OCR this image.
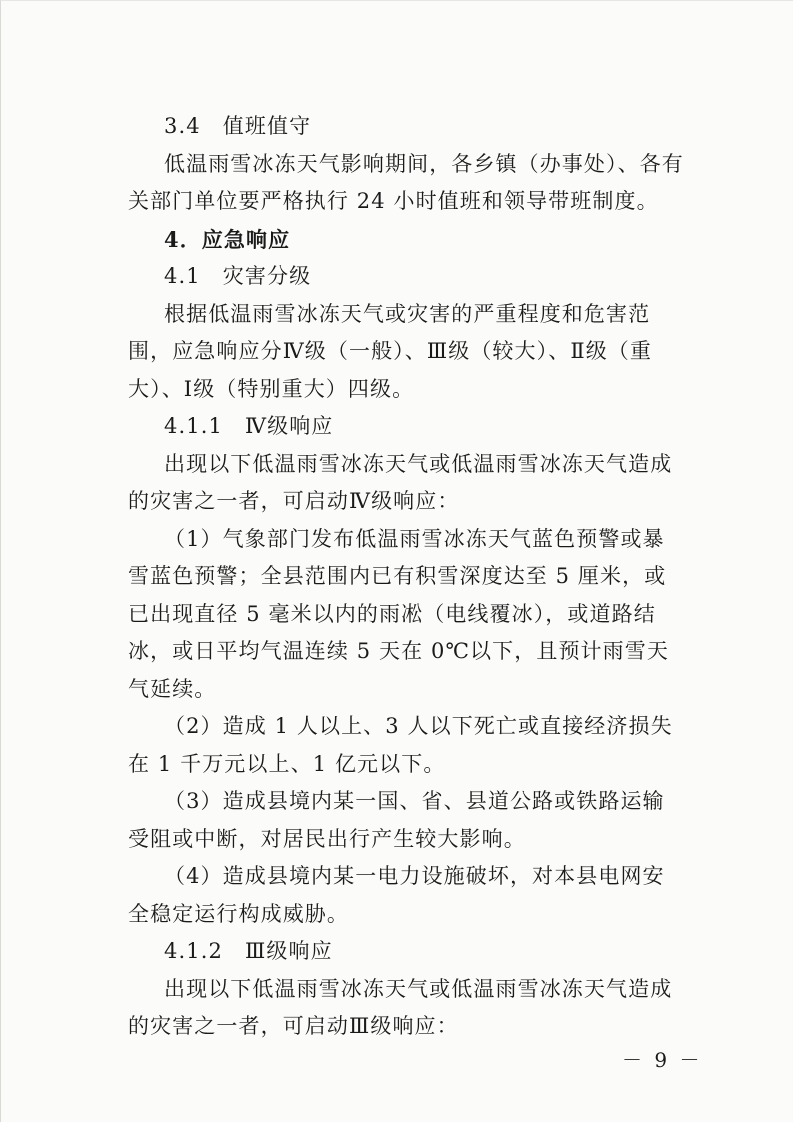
3.4　值班值守

低温雨雪冰冻天气影响期间，各乡镇（办事处）、各有关部门单位要严格执行 24 小时值班和领导带班制度。

4．应急响应

4.1　灾害分级

根据低温雨雪冰冻天气或灾害的严重程度和危害范围，应急响应分Ⅳ级（一般）、Ⅲ级（较大）、Ⅱ级（重大）、Ⅰ级（特别重大）四级。

4.1.1　Ⅳ级响应

出现以下低温雨雪冰冻天气或低温雨雪冰冻天气造成的灾害之一者，可启动Ⅳ级响应：

（1）气象部门发布低温雨雪冰冻天气蓝色预警或暴雪蓝色预警；全县范围内已有积雪深度达至 5 厘米，或已出现直径 5 毫米以内的雨凇（电线覆冰），或道路结冰，或日平均气温连续 5 天在 0℃以下，且预计雨雪天气延续。

（2）造成 1 人以上、3 人以下死亡或直接经济损失在 1 千万元以上、1 亿元以下。

（3）造成县境内某一国、省、县道公路或铁路运输受阻或中断，对居民出行产生较大影响。

（4）造成县境内某一电力设施破坏，对本县电网安全稳定运行构成威胁。

4.1.2　Ⅲ级响应

出现以下低温雨雪冰冻天气或低温雨雪冰冻天气造成的灾害之一者，可启动Ⅲ级响应：

－ 9 －
